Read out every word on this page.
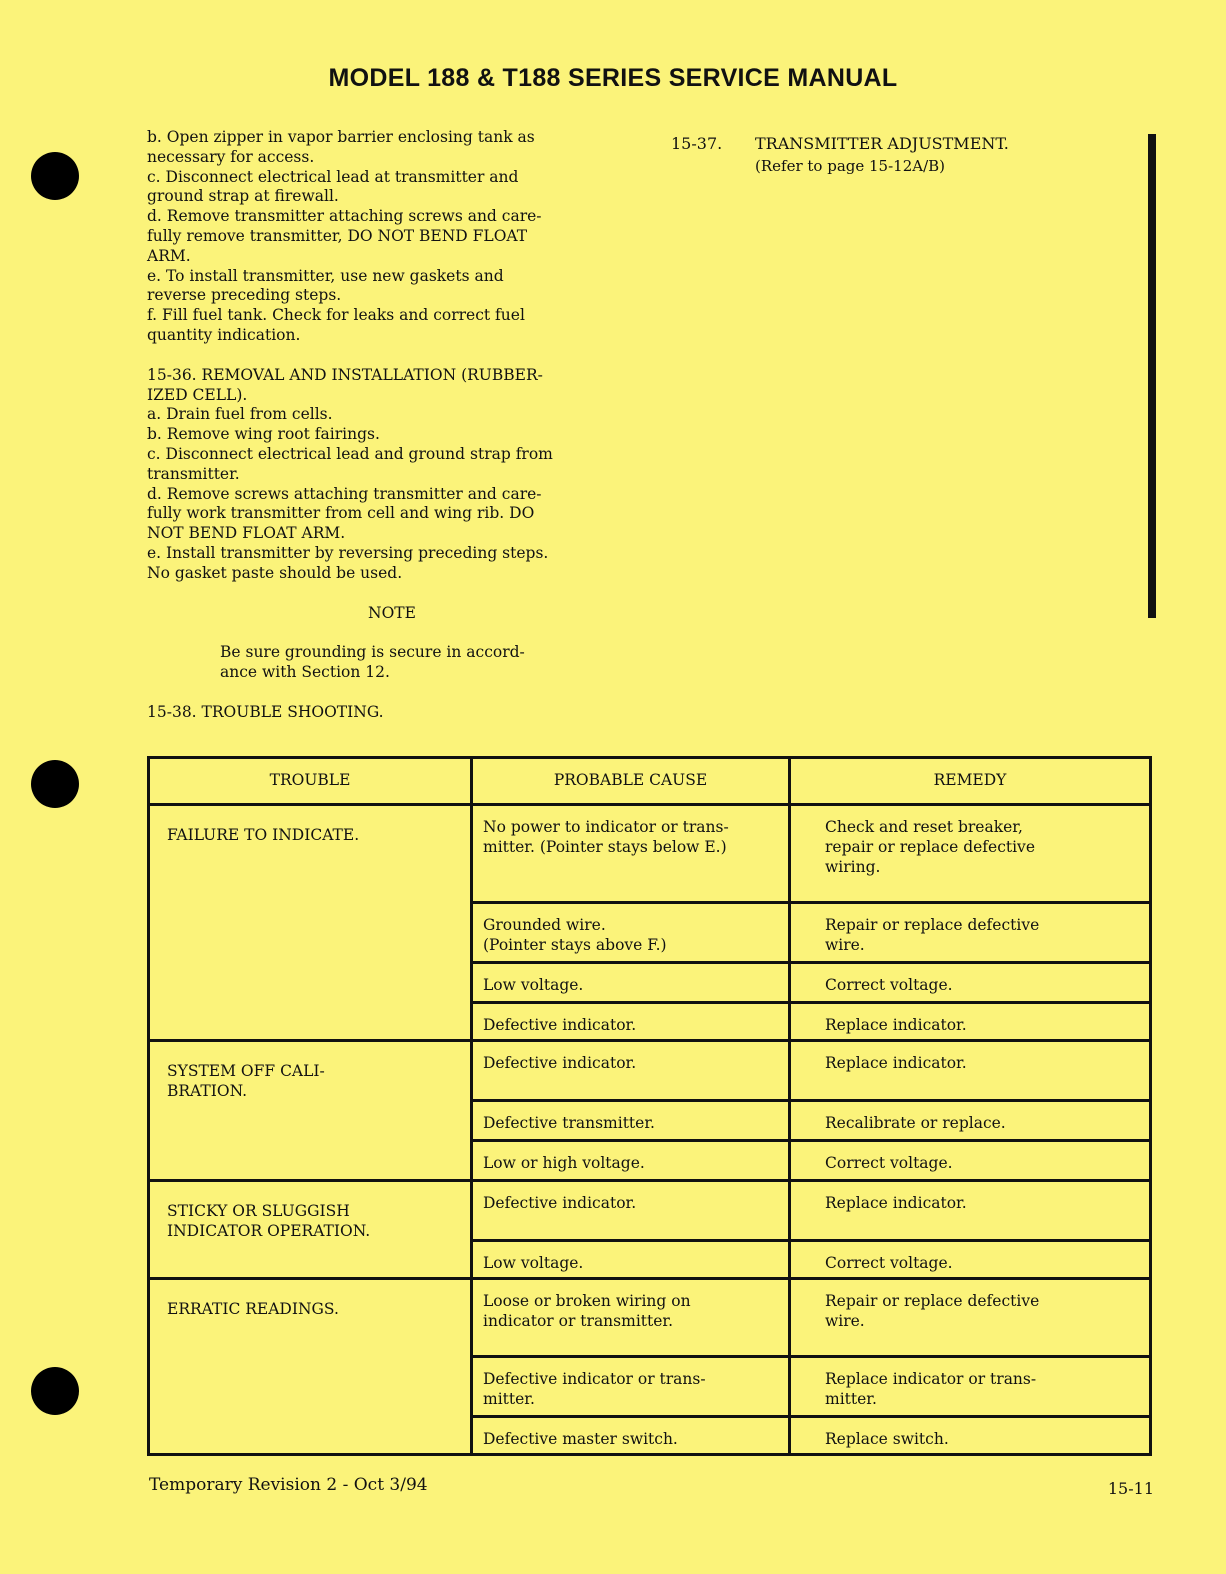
MODEL 188 & T188 SERIES SERVICE MANUAL
b. Open zipper in vapor barrier enclosing tank as
necessary for access.
c. Disconnect electrical lead at transmitter and
ground strap at firewall.
d. Remove transmitter attaching screws and care-
fully remove transmitter, DO NOT BEND FLOAT
ARM.
e. To install transmitter, use new gaskets and
reverse preceding steps.
f. Fill fuel tank. Check for leaks and correct fuel
quantity indication.
15-36. REMOVAL AND INSTALLATION (RUBBER-
IZED CELL).
a. Drain fuel from cells.
b. Remove wing root fairings.
c. Disconnect electrical lead and ground strap from
transmitter.
d. Remove screws attaching transmitter and care-
fully work transmitter from cell and wing rib. DO
NOT BEND FLOAT ARM.
e. Install transmitter by reversing preceding steps.
No gasket paste should be used.

NOTE

Be sure grounding is secure in accord-
ance with Section 12.

15-38. TROUBLE SHOOTING.

15-37. TRANSMITTER ADJUSTMENT.
(Refer to page 15-12A/B)
TROUBLE	PROBABLE CAUSE	REMEDY
FAILURE TO INDICATE.	No power to indicator or trans-
mitter. (Pointer stays below E.)	Check and reset breaker,
repair or replace defective
wiring.
	Grounded wire.
(Pointer stays above F.)	Repair or replace defective
wire.
	Low voltage.	Correct voltage.
	Defective indicator.	Replace indicator.
SYSTEM OFF CALI-
BRATION.	Defective indicator.	Replace indicator.
	Defective transmitter.	Recalibrate or replace.
	Low or high voltage.	Correct voltage.
STICKY OR SLUGGISH
INDICATOR OPERATION.	Defective indicator.	Replace indicator.
	Low voltage.	Correct voltage.
ERRATIC READINGS.	Loose or broken wiring on
indicator or transmitter.	Repair or replace defective
wire.
	Defective indicator or trans-
mitter.	Replace indicator or trans-
mitter.
	Defective master switch.	Replace switch.
Temporary Revision 2 - Oct 3/94	15-11
